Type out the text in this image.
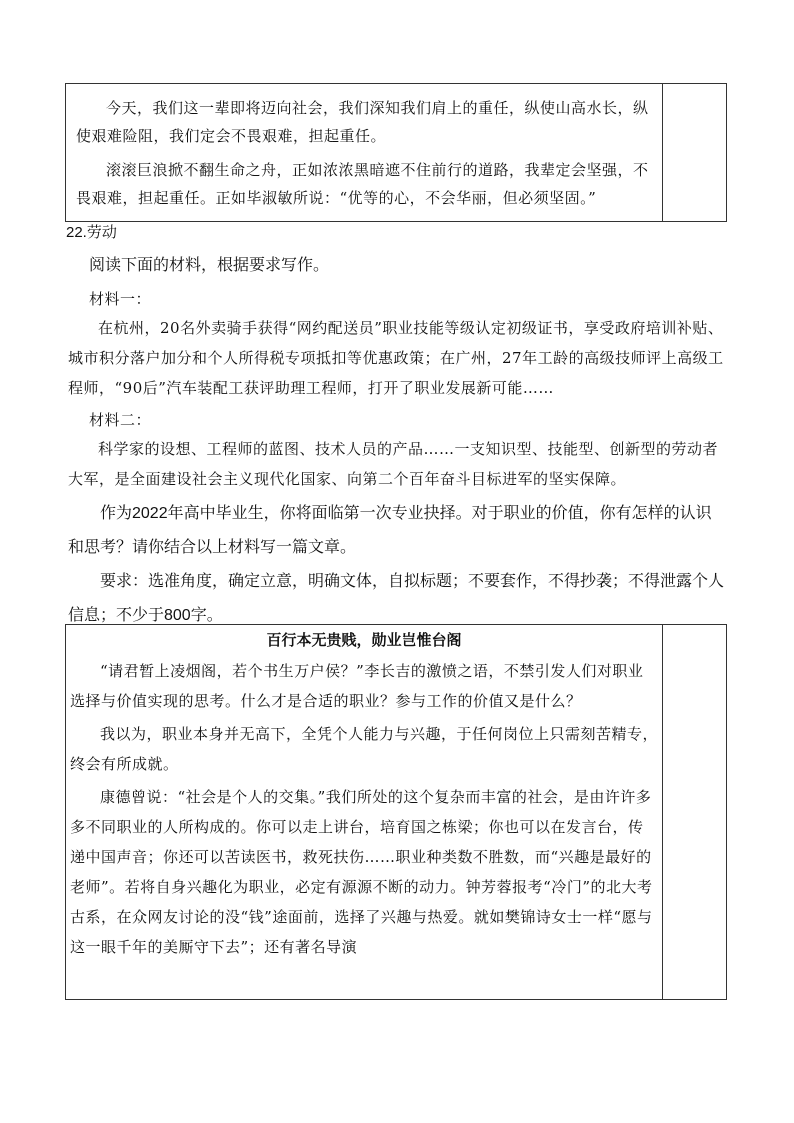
今天，我们这一辈即将迈向社会，我们深知我们肩上的重任，纵使山高水长，纵使艰难险阻，我们定会不畏艰难，担起重任。

滚滚巨浪掀不翻生命之舟，正如浓浓黑暗遮不住前行的道路，我辈定会坚强，不畏艰难，担起重任。正如毕淑敏所说：“优等的心，不会华丽，但必须坚固。”

22.劳动
阅读下面的材料，根据要求写作。
材料一：
在杭州，20名外卖骑手获得“网约配送员”职业技能等级认定初级证书，享受政府培训补贴、城市积分落户加分和个人所得税专项抵扣等优惠政策；在广州，27年工龄的高级技师评上高级工程师，“90后”汽车装配工获评助理工程师，打开了职业发展新可能……
材料二：
科学家的设想、工程师的蓝图、技术人员的产品……一支知识型、技能型、创新型的劳动者大军，是全面建设社会主义现代化国家、向第二个百年奋斗目标进军的坚实保障。
作为2022年高中毕业生，你将面临第一次专业抉择。对于职业的价值，你有怎样的认识和思考？请你结合以上材料写一篇文章。
要求：选准角度，确定立意，明确文体，自拟标题；不要套作，不得抄袭；不得泄露个人信息；不少于800字。
百行本无贵贱，勋业岂惟台阁

“请君暂上凌烟阁，若个书生万户侯？”李长吉的激愤之语，不禁引发人们对职业选择与价值实现的思考。什么才是合适的职业？参与工作的价值又是什么？

我以为，职业本身并无高下，全凭个人能力与兴趣，于任何岗位上只需刻苦精专，终会有所成就。

康德曾说：“社会是个人的交集。”我们所处的这个复杂而丰富的社会，是由许许多多不同职业的人所构成的。你可以走上讲台，培育国之栋梁；你也可以在发言台，传递中国声音；你还可以苦读医书，救死扶伤……职业种类数不胜数，而“兴趣是最好的老师”。若将自身兴趣化为职业，必定有源源不断的动力。钟芳蓉报考“冷门”的北大考古系，在众网友讨论的没“钱”途面前，选择了兴趣与热爱。就如樊锦诗女士一样“愿与这一眼千年的美厮守下去”；还有著名导演
